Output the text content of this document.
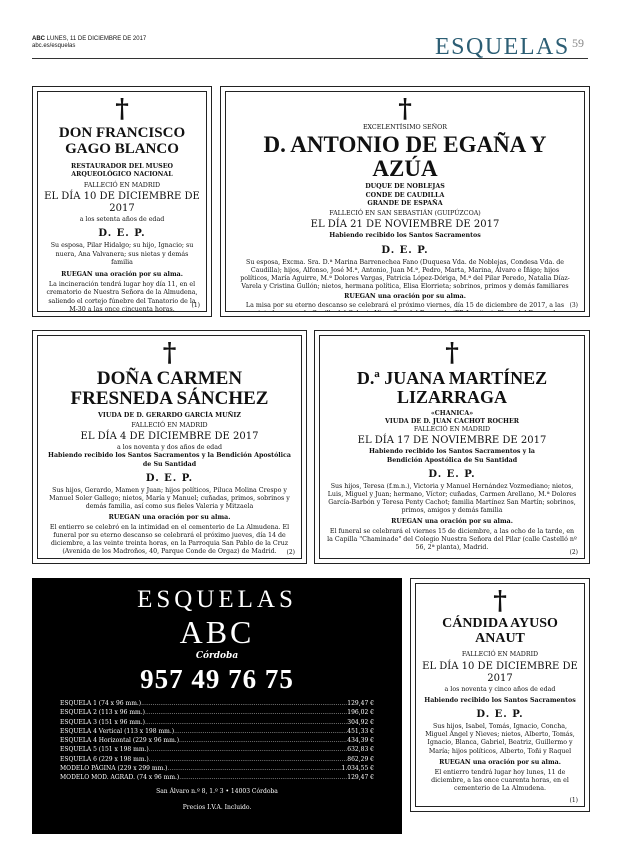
ABC LUNES, 11 DE DICIEMBRE DE 2017
abc.es/esquelas	ESQUELAS 59
†
DON FRANCISCO GAGO BLANCO
RESTAURADOR DEL MUSEO ARQUEOLÓGICO NACIONAL
FALLECIÓ EN MADRID
EL DÍA 10 DE DICIEMBRE DE 2017
a los setenta años de edad
D. E. P.
Su esposa, Pilar Hidalgo; su hijo, Ignacio; su nuera, Ana Valvanera; sus nietas y demás familia
RUEGAN una oración por su alma.
La incineración tendrá lugar hoy día 11, en el crematorio de Nuestra Señora de la Almudena, saliendo el cortejo fúnebre del Tanatorio de la M-30 a las once cincuenta horas.
(1)
†
EXCELENTÍSIMO SEÑOR
D. ANTONIO DE EGAÑA Y AZÚA
DUQUE DE NOBLEJAS
CONDE DE CAUDILLA
GRANDE DE ESPAÑA
FALLECIÓ EN SAN SEBASTIÁN (GUIPÚZCOA)
EL DÍA 21 DE NOVIEMBRE DE 2017
Habiendo recibido los Santos Sacramentos
D. E. P.
Su esposa, Excma. Sra. D.ª Marina Barrenechea Fano (Duquesa Vda. de Noblejas, Condesa Vda. de Caudilla); hijos, Alfonso, José M.ª, Antonio, Juan M.ª, Pedro, Marta, Marina, Álvaro e Íñigo; hijos políticos, María Aguirre, M.ª Dolores Vargas, Patricia López-Dóriga, M.ª del Pilar Peredo, Natalia Díaz-Varela y Cristina Gullón; nietos, hermana política, Elisa Elorrieta; sobrinos, primos y demás familiares
RUEGAN una oración por su alma.
La misa por su eterno descanso se celebrará el próximo viernes, día 15 de diciembre de 2017, a las (3)
†
DOÑA CARMEN FRESNEDA SÁNCHEZ
VIUDA DE D. GERARDO GARCÍA MUÑIZ
FALLECIÓ EN MADRID
EL DÍA 4 DE DICIEMBRE DE 2017
a los noventa y dos años de edad
Habiendo recibido los Santos Sacramentos y la Bendición Apostólica de Su Santidad
D. E. P.
Sus hijos, Gerardo, Mamen y Juan; hijos políticos, Piluca Molina Crespo y Manuel Soler Gallego; nietos, María y Manuel; cuñadas, primos, sobrinos y demás familia, así como sus fieles Valeria y Mitzaela
RUEGAN una oración por su alma.
El entierro se celebró en la intimidad en el cementerio de La Almudena. El funeral por su eterno descanso se celebrará el próximo jueves, día 14 de diciembre, a las veinte treinta horas, en la Parroquia San Pablo de la Cruz (Avenida de los Madroños, 40, Parque Conde de Orgaz) de Madrid.	(2)
†
D.ª JUANA MARTÍNEZ LIZARRAGA
«CHANICA»
VIUDA DE D. JUAN CACHOT ROCHER
FALLECIÓ EN MADRID
EL DÍA 17 DE NOVIEMBRE DE 2017
Habiendo recibido los Santos Sacramentos y la Bendición Apostólica de Su Santidad
D. E. P.
Sus hijos, Teresa (f.m.n.), Victoria y Manuel Hernández Vozmediano; nietos, Luis, Miguel y Juan; hermano, Víctor; cuñadas, Carmen Arellano, M.ª Dolores García-Barbón y Teresa Penty Cachot; familia Martínez San Martín; sobrinos, primos, amigos y demás familia
RUEGAN una oración por su alma.
El funeral se celebrará el viernes 15 de diciembre, a las ocho de la tarde, en la Capilla "Chaminade" del Colegio Nuestra Señora del Pilar (calle Castelló nº 56, 2ª planta), Madrid.
(2)
ESQUELAS
ABC
Córdoba
957 49 76 75
ESQUELA 1 (74 x 96 mm.) .....	129,47 €
ESQUELA 2 (113 x 96 mm.) .....	196,02 €
ESQUELA 3 (151 x 96 mm.) .....	304,92 €
ESQUELA 4 Vertical (113 x 198 mm.) .....	451,33 €
ESQUELA 4 Horizontal (229 x 96 mm.) .....	434,39 €
ESQUELA 5 (151 x 198 mm.) .....	632,83 €
ESQUELA 6 (229 x 198 mm.) .....	862,29 €
MODELO PÁGINA (229 x 299 mm.) .....	1.034,55 €
MODELO MOD. AGRAD. (74 x 96 mm.) .....	129,47 €
San Álvaro n.º 8, 1.º 3 • 14003 Córdoba
Precios I.V.A. Incluido.
†
CÁNDIDA AYUSO ANAUT
FALLECIÓ EN MADRID
EL DÍA 10 DE DICIEMBRE DE 2017
a los noventa y cinco años de edad
Habiendo recibido los Santos Sacramentos
D. E. P.
Sus hijos, Isabel, Tomás, Ignacio, Concha, Miguel Ángel y Nieves; nietos, Alberto, Tomás, Ignacio, Blanca, Gabriel, Beatriz, Guillermo y María; hijos políticos, Alberto, Toñi y Raquel
RUEGAN una oración por su alma.
El entierro tendrá lugar hoy lunes, 11 de diciembre, a las once cuarenta horas, en el cementerio de La Almudena.
(1)
